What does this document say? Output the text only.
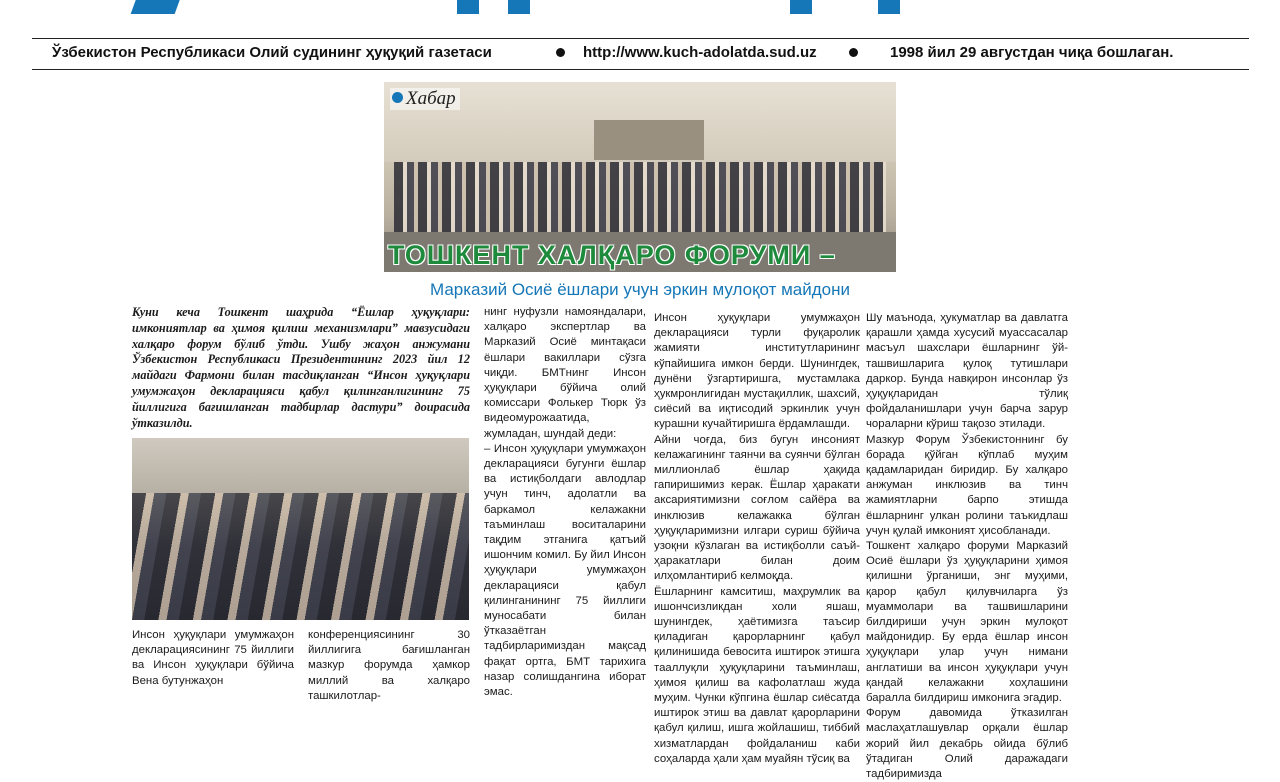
Ўзбекистон Республикаси Олий судининг ҳуқуқий газетаси	http://www.kuch-adolatda.sud.uz	1998 йил 29 августдан чиқа бошлаган.
Хабар
ТОШКЕНТ ХАЛҚАРО ФОРУМИ –
Марказий Осиё ёшлари учун эркин мулоқот майдони
Куни кеча Тошкент шаҳрида “Ёшлар ҳуқуқлари: имкониятлар ва ҳимоя қилиш механизмлари” мавзусидаги халқаро форум бўлиб ўтди. Ушбу жаҳон анжумани Ўзбекистон Республикаси Президентининг 2023 йил 12 майдаги Фармони билан тасдиқланган “Инсон ҳуқуқлари умумжаҳон декларацияси қабул қилинганлигининг 75 йиллигига бағишланган тадбирлар дастури” доирасида ўтказилди.
Инсон ҳуқуқлари умумжаҳон декларациясининг 75 йиллиги ва Инсон ҳуқуқлари бўйича Вена бутунжаҳон
конференциясининг 30 йиллигига бағишланган мазкур форумда ҳамкор миллий ва халқаро ташкилотлар-
нинг нуфузли намояндалари, халқаро экспертлар ва Марказий Осиё минтақаси ёшлари вакиллари сўзга чиқди. БМТнинг Инсон ҳуқуқлари бўйича олий комиссари Фолькер Тюрк ўз видеомурожаатида, жумладан, шундай деди:
– Инсон ҳуқуқлари умумжаҳон декларацияси бугунги ёшлар ва истиқболдаги авлодлар учун тинч, адолатли ва баркамол келажакни таъминлаш воситаларини тақдим этганига қатъий ишончим комил. Бу йил Инсон ҳуқуқлари умумжаҳон декларацияси қабул қилинганининг 75 йиллиги муносабати билан ўтказаётган тадбирларимиздан мақсад фақат ортга, БМТ тарихига назар солишдангина иборат эмас.
Инсон ҳуқуқлари умумжаҳон декларацияси турли фуқаролик жамияти институтларининг кўпайишига имкон берди. Шунингдек, дунёни ўзгартиришга, мустамлака ҳукмронлигидан мустақиллик, шахсий, сиёсий ва иқтисодий эркинлик учун курашни кучайтиришга ёрдамлашди.
Айни чоғда, биз бугун инсоният келажагининг таянчи ва суянчи бўлган миллионлаб ёшлар ҳақида гапиришимиз керак. Ёшлар ҳаракати аксариятимизни соғлом сайёра ва инклюзив келажакка бўлган ҳуқуқларимизни илгари суриш бўйича узоқни кўзлаган ва истиқболли саъй-ҳаракатлари билан доим илҳомлантириб келмоқда.
Ёшларнинг камситиш, маҳрумлик ва ишончсизликдан холи яшаш, шунингдек, ҳаётимизга таъсир қиладиган қарорларнинг қабул қилинишида бевосита иштирок этишга тааллуқли ҳуқуқларини таъминлаш, ҳимоя қилиш ва кафолатлаш жуда муҳим. Чунки кўпгина ёшлар сиёсатда иштирок этиш ва давлат қарорларини қабул қилиш, ишга жойлашиш, тиббий хизматлардан фойдаланиш каби соҳаларда ҳали ҳам муайян тўсиқ ва
Шу маънода, ҳукуматлар ва давлатга қарашли ҳамда хусусий муассасалар масъул шахслари ёшларнинг ўй-ташвишларига қулоқ тутишлари даркор. Бунда навқирон инсонлар ўз ҳуқуқларидан тўлиқ фойдаланишлари учун барча зарур чораларни кўриш тақозо этилади.
Мазкур Форум Ўзбекистоннинг бу борада қўйган кўплаб муҳим қадамларидан биридир. Бу халқаро анжуман инклюзив ва тинч жамиятларни барпо этишда ёшларнинг улкан ролини таъкидлаш учун қулай имконият ҳисобланади.
Тошкент халқаро форуми Марказий Осиё ёшлари ўз ҳуқуқларини ҳимоя қилишни ўрганиши, энг муҳими, қарор қабул қилувчиларга ўз муаммолари ва ташвишларини билдириши учун эркин мулоқот майдонидир. Бу ерда ёшлар инсон ҳуқуқлари улар учун нимани англатиши ва инсон ҳуқуқлари учун қандай келажакни хоҳлашини баралла билдириш имконига эгадир.
Форум давомида ўтказилган маслаҳатлашувлар орқали ёшлар жорий йил декабрь ойида бўлиб ўтадиган Олий даражадаги тадбиримизда
